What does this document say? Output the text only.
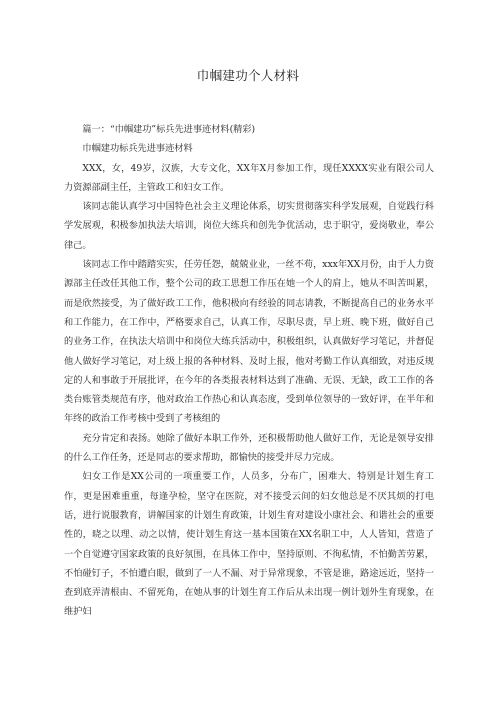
巾帼建功个人材料

篇一：“巾帼建功”标兵先进事迹材料(精彩)

巾帼建功标兵先进事迹材料

XXX，女，49岁，汉族，大专文化，XX年X月参加工作，现任XXXX实业有限公司人力资源部副主任，主管政工和妇女工作。

该同志能认真学习中国特色社会主义理论体系，切实贯彻落实科学发展观，自觉践行科学发展观，积极参加执法大培训，岗位大练兵和创先争优活动，忠于职守，爱岗敬业，奉公律己。

该同志工作中踏踏实实，任劳任怨，兢兢业业，一丝不苟，xxx年XX月份，由于人力资源部主任改任其他工作，整个公司的政工思想工作压在她一个人的肩上，她从不叫苦叫累，而是欣然接受，为了做好政工工作，他积极向有经验的同志请教，不断提高自己的业务水平和工作能力，在工作中，严格要求自己，认真工作，尽职尽责，早上班、晚下班，做好自己的业务工作，在执法大培训中和岗位大练兵活动中，积极组织，认真做好学习笔记，并督促他人做好学习笔记，对上级上报的各种材料、及时上报，他对考勤工作认真细致，对违反规定的人和事敢于开展批评，在今年的各类报表材料达到了准确、无误、无缺，政工工作的各类台账管类规范有序，他对政治工作热心和认真态度，受到单位领导的一致好评，在半年和年终的政治工作考核中受到了考核组的

充分肯定和表扬。她除了做好本职工作外，还积极帮助他人做好工作，无论是领导安排的什么工作任务，还是同志的要求帮助，都愉快的接受并尽力完成。

妇女工作是XX公司的一项重要工作，人员多，分布广，困难大、特别是计划生育工作，更是困难重重，每逢孕检，坚守在医院，对不接受云间的妇女他总是不厌其烦的打电话，进行说服教育，讲解国家的计划生育政策，计划生育对建设小康社会、和谐社会的重要性的，晓之以理、动之以情，使计划生育这一基本国策在XX名职工中，人人皆知，营造了一个自觉遵守国家政策的良好氛围，在具体工作中，坚持原则、不徇私情，不怕勤苦劳累，不怕碰钉子，不怕遭白眼，做到了一人不漏、对于异常现象，不管是谁，路途远近，坚持一查到底弄清根由、不留死角，在她从事的计划生育工作后从未出现一例计划外生育现象，在维护妇
